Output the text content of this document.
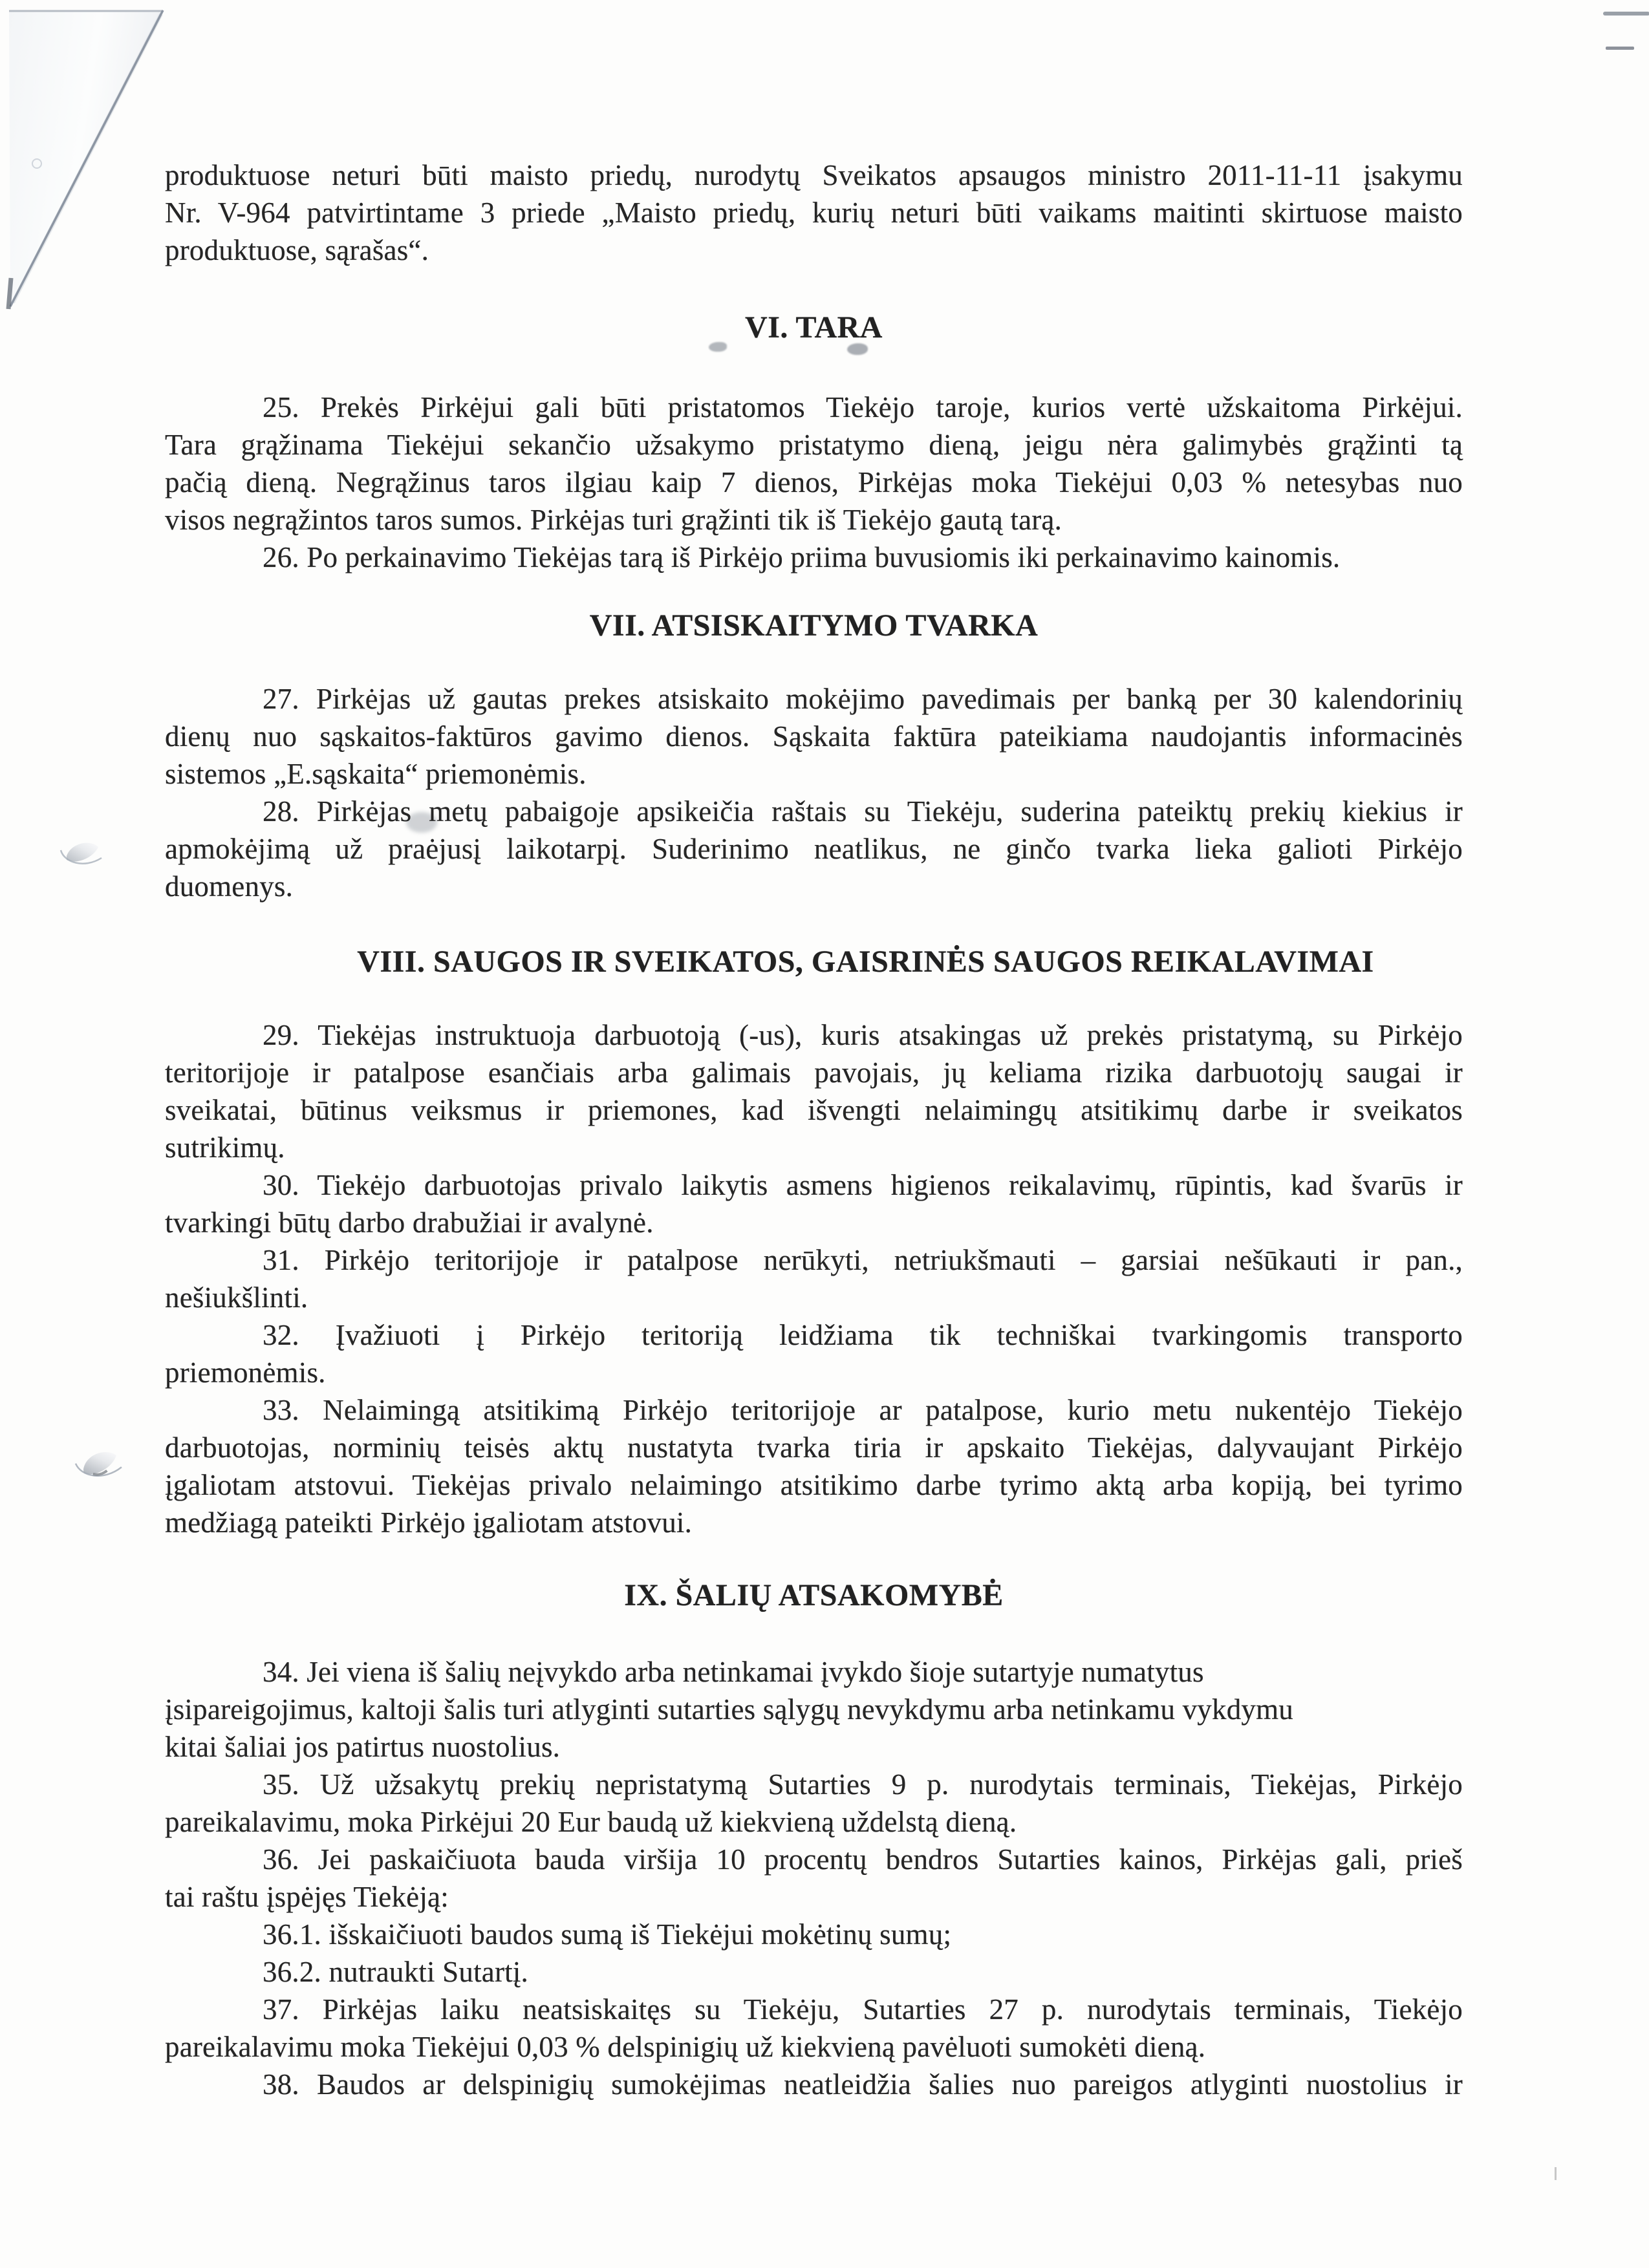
produktuose neturi būti maisto priedų, nurodytų Sveikatos apsaugos ministro 2011-11-11 įsakymu
Nr. V-964 patvirtintame 3 priede „Maisto priedų, kurių neturi būti vaikams maitinti skirtuose maisto
produktuose, sąrašas“.
VI. TARA
25. Prekės Pirkėjui gali būti pristatomos Tiekėjo taroje, kurios vertė užskaitoma Pirkėjui.
Tara grąžinama Tiekėjui sekančio užsakymo pristatymo dieną, jeigu nėra galimybės grąžinti tą
pačią dieną. Negrąžinus taros ilgiau kaip 7 dienos, Pirkėjas moka Tiekėjui 0,03 % netesybas nuo
visos negrąžintos taros sumos. Pirkėjas turi grąžinti tik iš Tiekėjo gautą tarą.
26. Po perkainavimo Tiekėjas tarą iš Pirkėjo priima buvusiomis iki perkainavimo kainomis.
VII. ATSISKAITYMO TVARKA
27. Pirkėjas už gautas prekes atsiskaito mokėjimo pavedimais per banką per 30 kalendorinių
dienų nuo sąskaitos-faktūros gavimo dienos. Sąskaita faktūra pateikiama naudojantis informacinės
sistemos „E.sąskaita“ priemonėmis.
28. Pirkėjas metų pabaigoje apsikeičia raštais su Tiekėju, suderina pateiktų prekių kiekius ir
apmokėjimą už praėjusį laikotarpį. Suderinimo neatlikus, ne ginčo tvarka lieka galioti Pirkėjo
duomenys.
VIII. SAUGOS IR SVEIKATOS, GAISRINĖS SAUGOS REIKALAVIMAI
29. Tiekėjas instruktuoja darbuotoją (-us), kuris atsakingas už prekės pristatymą, su Pirkėjo
teritorijoje ir patalpose esančiais arba galimais pavojais, jų keliama rizika darbuotojų saugai ir
sveikatai, būtinus veiksmus ir priemones, kad išvengti nelaimingų atsitikimų darbe ir sveikatos
sutrikimų.
30. Tiekėjo darbuotojas privalo laikytis asmens higienos reikalavimų, rūpintis, kad švarūs ir
tvarkingi būtų darbo drabužiai ir avalynė.
31. Pirkėjo teritorijoje ir patalpose nerūkyti, netriukšmauti – garsiai nešūkauti ir pan.,
nešiukšlinti.
32. Įvažiuoti į Pirkėjo teritoriją leidžiama tik techniškai tvarkingomis transporto
priemonėmis.
33. Nelaimingą atsitikimą Pirkėjo teritorijoje ar patalpose, kurio metu nukentėjo Tiekėjo
darbuotojas, norminių teisės aktų nustatyta tvarka tiria ir apskaito Tiekėjas, dalyvaujant Pirkėjo
įgaliotam atstovui. Tiekėjas privalo nelaimingo atsitikimo darbe tyrimo aktą arba kopiją, bei tyrimo
medžiagą pateikti Pirkėjo įgaliotam atstovui.
IX. ŠALIŲ ATSAKOMYBĖ
34. Jei viena iš šalių neįvykdo arba netinkamai įvykdo šioje sutartyje numatytus
įsipareigojimus, kaltoji šalis turi atlyginti sutarties sąlygų nevykdymu arba netinkamu vykdymu
kitai šaliai jos patirtus nuostolius.
35. Už užsakytų prekių nepristatymą Sutarties 9 p. nurodytais terminais, Tiekėjas, Pirkėjo
pareikalavimu, moka Pirkėjui 20 Eur baudą už kiekvieną uždelstą dieną.
36. Jei paskaičiuota bauda viršija 10 procentų bendros Sutarties kainos, Pirkėjas gali, prieš
tai raštu įspėjęs Tiekėją:
36.1. išskaičiuoti baudos sumą iš Tiekėjui mokėtinų sumų;
36.2. nutraukti Sutartį.
37. Pirkėjas laiku neatsiskaitęs su Tiekėju, Sutarties 27 p. nurodytais terminais, Tiekėjo
pareikalavimu moka Tiekėjui 0,03 % delspinigių už kiekvieną pavėluoti sumokėti dieną.
38. Baudos ar delspinigių sumokėjimas neatleidžia šalies nuo pareigos atlyginti nuostolius ir
